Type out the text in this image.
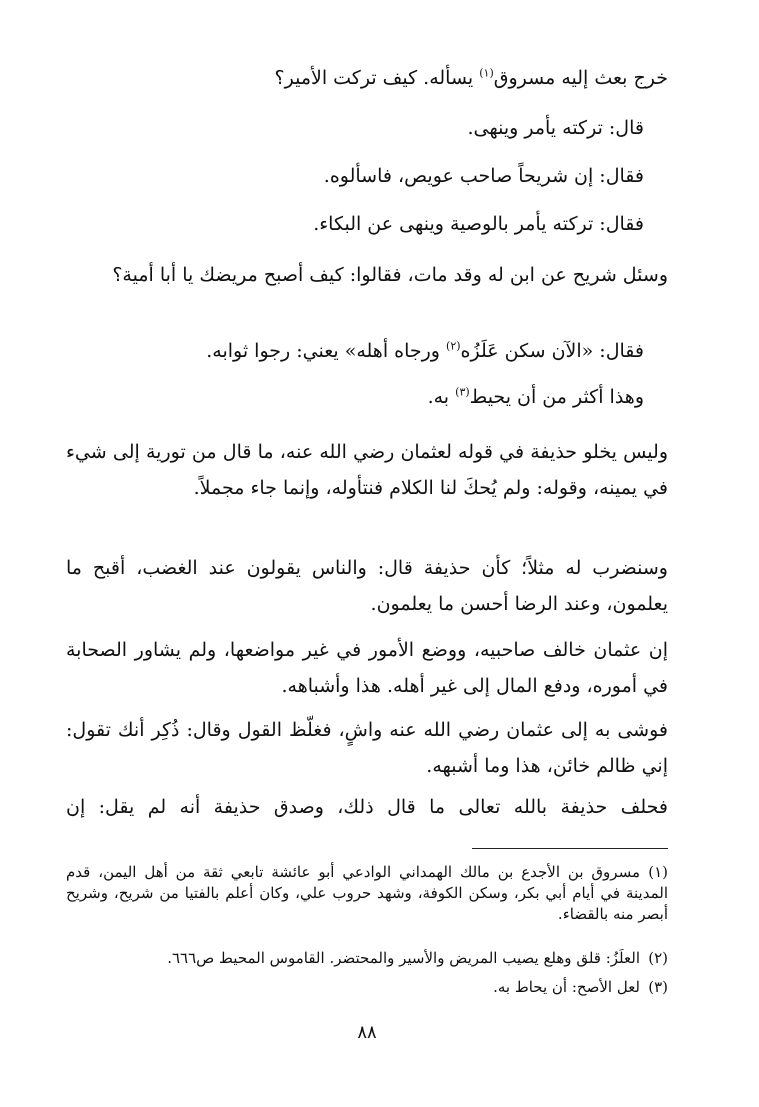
خرج بعث إليه مسروق$^{(١)}$ يسأله. كيف تركت الأمير؟

قال: تركته يأمر وينهى.

فقال: إن شريحاً صاحب عويص، فاسألوه.

فقال: تركته يأمر بالوصية وينهى عن البكاء.

وسئل شريح عن ابن له وقد مات، فقالوا: كيف أصبح مريضك يا أبا أمية؟

فقال: «الآن سكن عَلَزُه$^{(٢)}$ ورجاه أهله» يعني: رجوا ثوابه.

وهذا أكثر من أن يحيط$^{(٣)}$ به.

وليس يخلو حذيفة في قوله لعثمان رضي الله عنه، ما قال من تورية إلى شيء في يمينه، وقوله: ولم يُحكَ لنا الكلام فنتأوله، وإنما جاء مجملاً.

وسنضرب له مثلاً؛ كأن حذيفة قال: والناس يقولون عند الغضب، أقبح ما يعلمون، وعند الرضا أحسن ما يعلمون.

إن عثمان خالف صاحبيه، ووضع الأمور في غير مواضعها، ولم يشاور الصحابة في أموره، ودفع المال إلى غير أهله. هذا وأشباهه.

فوشى به إلى عثمان رضي الله عنه واشٍ، فغلّظ القول وقال: ذُكِر أنك تقول: إني ظالم خائن، هذا وما أشبهه.

فحلف حذيفة بالله تعالى ما قال ذلك، وصدق حذيفة أنه لم يقل: إن

(١)مسروق بن الأجدع بن مالك الهمداني الوادعي أبو عائشة تابعي ثقة من أهل اليمن، قدم المدينة في أيام أبي بكر، وسكن الكوفة، وشهد حروب علي، وكان أعلم بالفتيا من شريح، وشريح أبصر منه بالقضاء.
(٢)العلَزُ: قلق وهلع يصيب المريض والأسير والمحتضر. القاموس المحيط ص٦٦٦.
(٣)لعل الأصح: أن يحاط به.
٨٨
